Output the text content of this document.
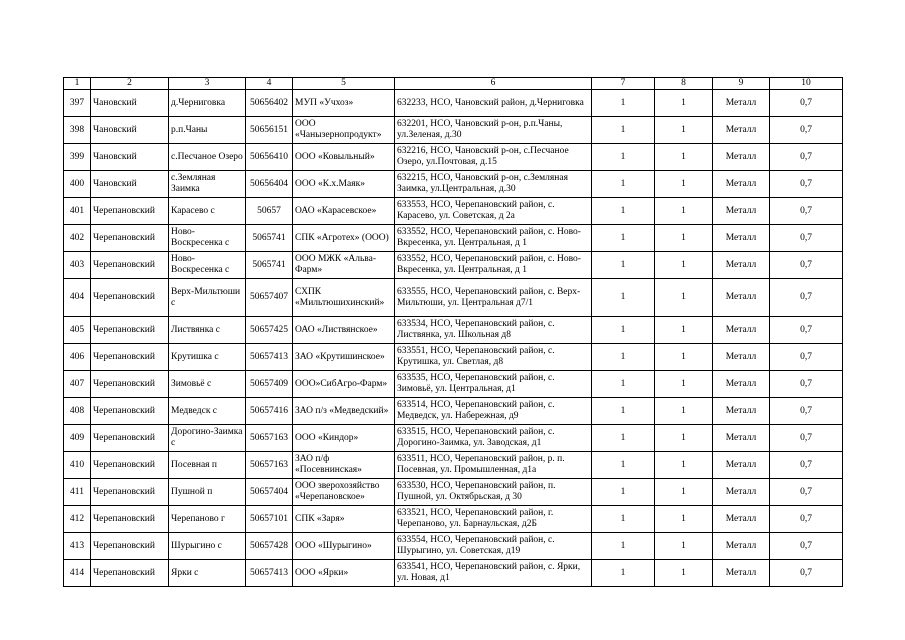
1	2	3	4	5	6	7	8	9	10
397	Чановский	д.Черниговка	50656402	МУП «Учхоз»	632233, НСО, Чановский район, д.Черниговка	1	1	Металл	0,7
398	Чановский	р.п.Чаны	50656151	ООО «Чанызернопродукт»	632201, НСО, Чановский р-он, р.п.Чаны, ул.Зеленая, д.30	1	1	Металл	0,7
399	Чановский	с.Песчаное Озеро	50656410	ООО «Ковыльный»	632216, НСО, Чановский р-он, с.Песчаное Озеро, ул.Почтовая, д.15	1	1	Металл	0,7
400	Чановский	с.Земляная Заимка	50656404	ООО «К.х.Маяк»	632215, НСО, Чановский р-он, с.Земляная Заимка, ул.Центральная, д.30	1	1	Металл	0,7
401	Черепановский	Карасево с	50657	ОАО «Карасевское»	633553, НСО, Черепановский район, с. Карасево, ул. Советская, д 2а	1	1	Металл	0,7
402	Черепановский	Ново-Воскресенка с	5065741	СПК «Агротех» (ООО)	633552, НСО, Черепановский район, с. Ново-Вкресенка, ул. Центральная, д 1	1	1	Металл	0,7
403	Черепановский	Ново-Воскресенка с	5065741	ООО МЖК «Альва-Фарм»	633552, НСО, Черепановский район, с. Ново-Вкресенка, ул. Центральная, д 1	1	1	Металл	0,7
404	Черепановский	Верх-Мильтюши с	50657407	СХПК «Мильтюшихинский»	633555, НСО, Черепановский район, с. Верх-Мильтюши, ул. Центральная д7/1	1	1	Металл	0,7
405	Черепановский	Листвянка с	50657425	ОАО «Листвянское»	633534, НСО, Черепановский район, с. Листвянка, ул. Школьная д8	1	1	Металл	0,7
406	Черепановский	Крутишка с	50657413	ЗАО «Крутишинское»	633551, НСО, Черепановский район, с. Крутишка, ул. Светлая, д8	1	1	Металл	0,7
407	Черепановский	Зимовьё с	50657409	ООО»СибАгро-Фарм»	633535, НСО, Черепановский район, с. Зимовьё, ул. Центральная, д1	1	1	Металл	0,7
408	Черепановский	Медведск с	50657416	ЗАО п/з «Медведский»	633514, НСО, Черепановский район, с. Медведск, ул. Набережная, д9	1	1	Металл	0,7
409	Черепановский	Дорогино-Заимка с	50657163	ООО «Киндор»	633515, НСО, Черепановский район, с. Дорогино-Заимка, ул. Заводская, д1	1	1	Металл	0,7
410	Черепановский	Посевная п	50657163	ЗАО п/ф «Посевнинская»	633511, НСО, Черепановский район, р. п. Посевная, ул. Промышленная, д1а	1	1	Металл	0,7
411	Черепановский	Пушной п	50657404	ООО зверохозяйство «Черепановское»	633530, НСО, Черепановский район, п. Пушной, ул. Октябрьская, д 30	1	1	Металл	0,7
412	Черепановский	Черепаново г	50657101	СПК «Заря»	633521, НСО, Черепановский район, г. Черепаново, ул. Барнаульская, д2Б	1	1	Металл	0,7
413	Черепановский	Шурыгино с	50657428	ООО «Шурыгино»	633554, НСО, Черепановский район, с. Шурыгино, ул. Советская, д19	1	1	Металл	0,7
414	Черепановский	Ярки с	50657413	ООО «Ярки»	633541, НСО, Черепановский район, с. Ярки, ул. Новая, д1	1	1	Металл	0,7
